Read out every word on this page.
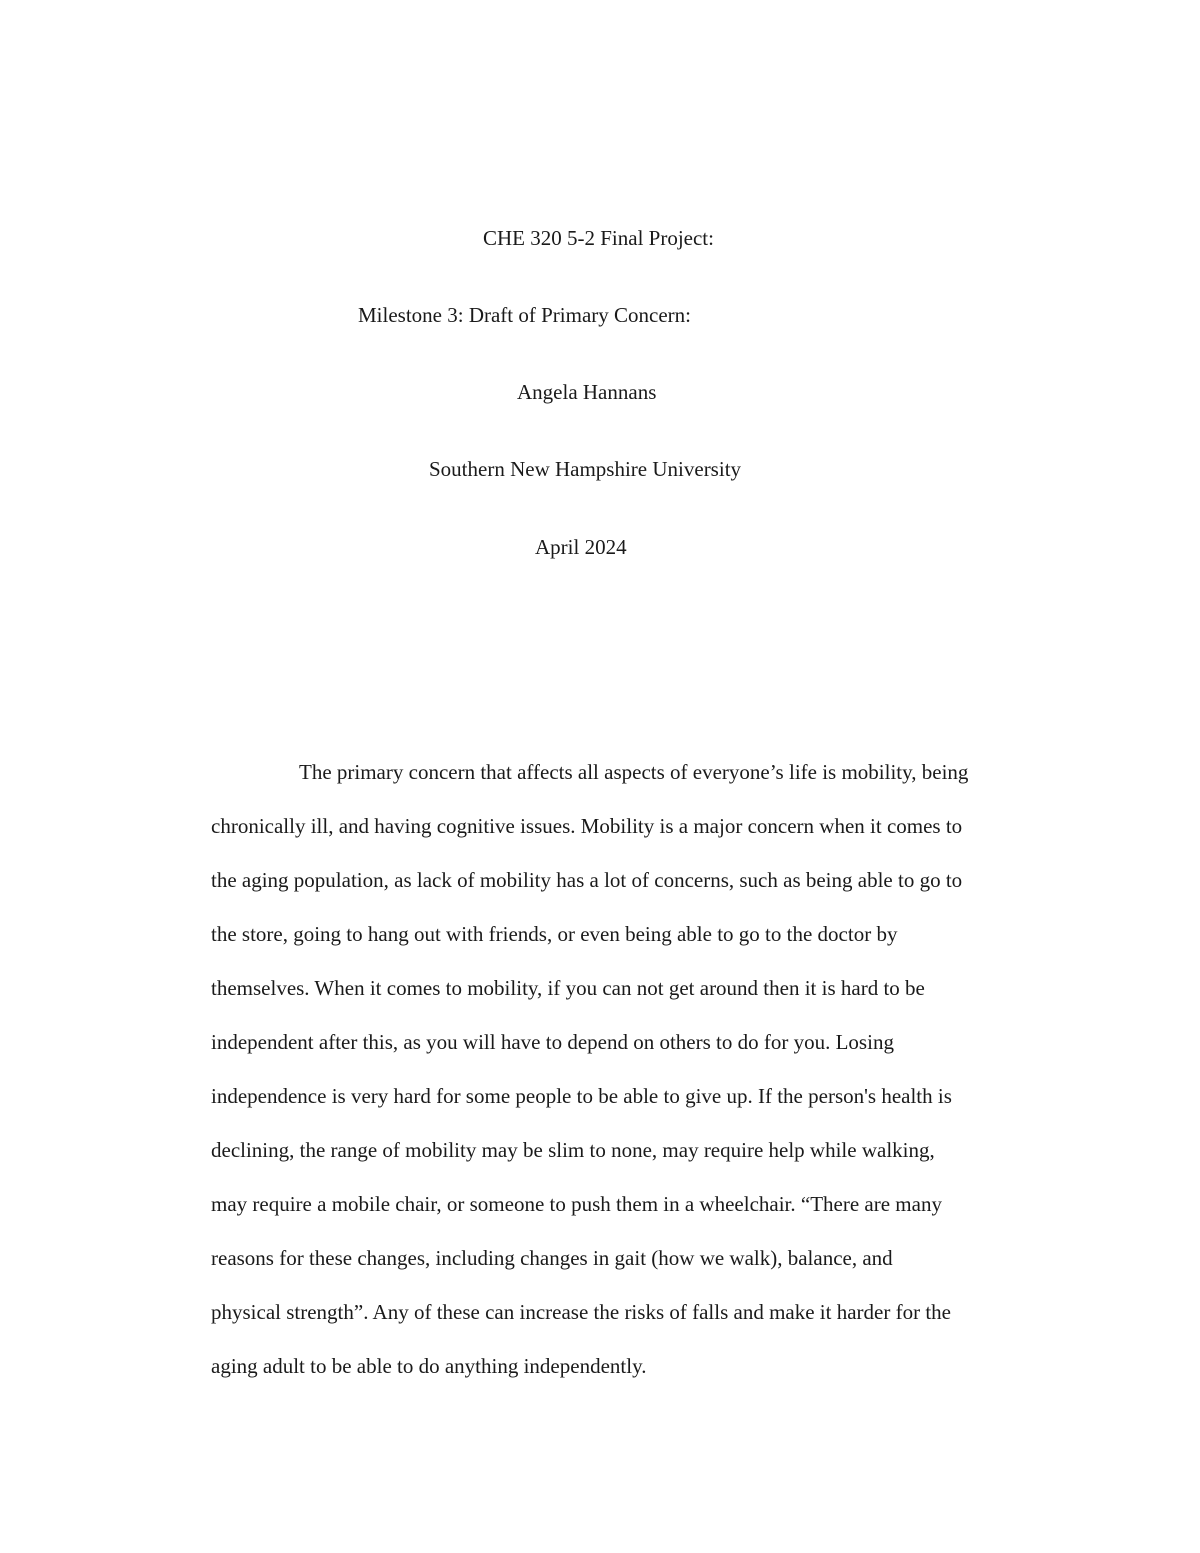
CHE 320 5-2 Final Project:
Milestone 3: Draft of Primary Concern:
Angela Hannans
Southern New Hampshire University
April 2024
The primary concern that affects all aspects of everyone’s life is mobility, being
chronically ill, and having cognitive issues. Mobility is a major concern when it comes to
the aging population, as lack of mobility has a lot of concerns, such as being able to go to
the store, going to hang out with friends, or even being able to go to the doctor by
themselves. When it comes to mobility, if you can not get around then it is hard to be
independent after this, as you will have to depend on others to do for you. Losing
independence is very hard for some people to be able to give up. If the person's health is
declining, the range of mobility may be slim to none, may require help while walking,
may require a mobile chair, or someone to push them in a wheelchair. “There are many
reasons for these changes, including changes in gait (how we walk), balance, and
physical strength”. Any of these can increase the risks of falls and make it harder for the
aging adult to be able to do anything independently.
